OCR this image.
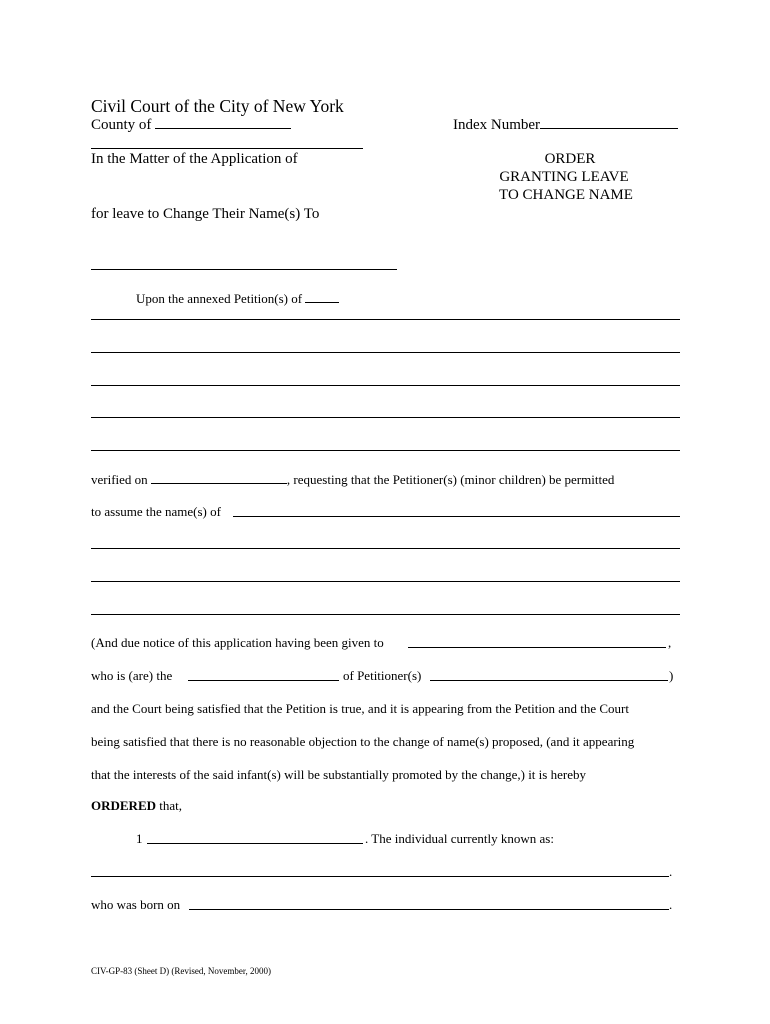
Civil Court of the City of New York
County of	Index Number
In the Matter of the Application of
for leave to Change Their Name(s) To
ORDER
GRANTING LEAVE
TO CHANGE NAME
Upon the annexed Petition(s) of
verified on	, requesting that the Petitioner(s) (minor children) be permitted
to assume the name(s) of
(And due notice of this application having been given to	,
who is (are) the	of Petitioner(s)	)
and the Court being satisfied that the Petition is true, and it is appearing from the Petition and the Court
being satisfied that there is no reasonable objection to the change of name(s) proposed, (and it appearing
that the interests of the said infant(s) will be substantially promoted by the change,) it is hereby
ORDERED that,
1	. The individual currently known as:
.
who was born on	.
CIV-GP-83 (Sheet D) (Revised, November, 2000)
